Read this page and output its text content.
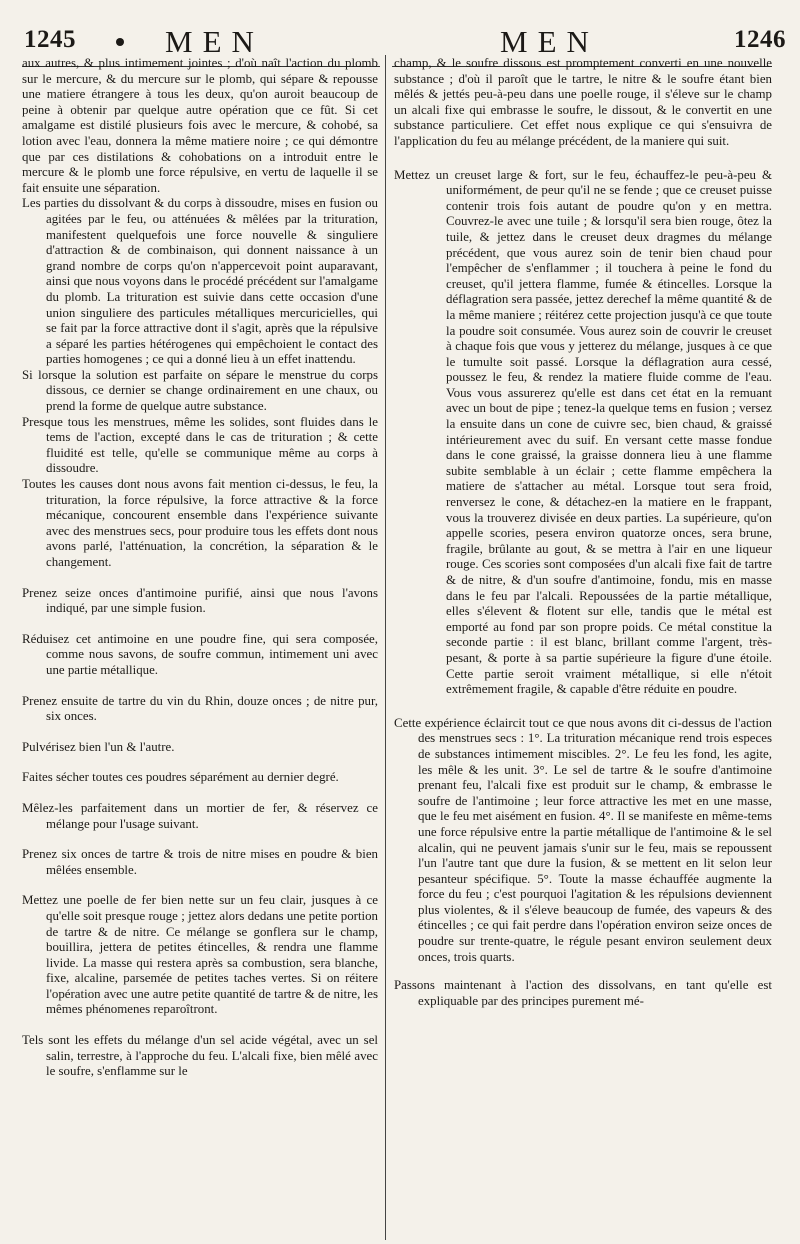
1245	MEN	MEN	1246

aux autres, & plus intimement jointes ; d'où naît l'action du plomb sur le mercure, & du mercure sur le plomb, qui sépare & repousse une matiere étrangere à tous les deux, qu'on auroit beaucoup de peine à obtenir par quelque autre opération que ce fût. Si cet amalgame est distilé plusieurs fois avec le mercure, & cohobé, sa lotion avec l'eau, donnera la même matiere noire ; ce qui démontre que par ces distilations & cohobations on a introduit entre le mercure & le plomb une force répulsive, en vertu de laquelle il se fait ensuite une séparation.

Les parties du dissolvant & du corps à dissoudre, mises en fusion ou agitées par le feu, ou atténuées & mêlées par la trituration, manifestent quelquefois une force nouvelle & singuliere d'attraction & de combinaison, qui donnent naissance à un grand nombre de corps qu'on n'appercevoit point auparavant, ainsi que nous voyons dans le procédé précédent sur l'amalgame du plomb. La trituration est suivie dans cette occasion d'une union singuliere des particules métalliques mercuricielles, qui se fait par la force attractive dont il s'agit, après que la répulsive a séparé les parties hétérogenes qui empêchoient le contact des parties homogenes ; ce qui a donné lieu à un effet inattendu.

Si lorsque la solution est parfaite on sépare le menstrue du corps dissous, ce dernier se change ordinairement en une chaux, ou prend la forme de quelque autre substance.

Presque tous les menstrues, même les solides, sont fluides dans le tems de l'action, excepté dans le cas de trituration ; & cette fluidité est telle, qu'elle se communique même au corps à dissoudre.

Toutes les causes dont nous avons fait mention ci-dessus, le feu, la trituration, la force répulsive, la force attractive & la force mécanique, concourent ensemble dans l'expérience suivante avec des menstrues secs, pour produire tous les effets dont nous avons parlé, l'atténuation, la concrétion, la séparation & le changement.

Prenez seize onces d'antimoine purifié, ainsi que nous l'avons indiqué, par une simple fusion.

Réduisez cet antimoine en une poudre fine, qui sera composée, comme nous savons, de soufre commun, intimement uni avec une partie métallique.

Prenez ensuite de tartre du vin du Rhin, douze onces ; de nitre pur, six onces.

Pulvérisez bien l'un & l'autre.

Faites sécher toutes ces poudres séparément au dernier degré.

Mêlez-les parfaitement dans un mortier de fer, & réservez ce mélange pour l'usage suivant.

Prenez six onces de tartre & trois de nitre mises en poudre & bien mêlées ensemble.

Mettez une poelle de fer bien nette sur un feu clair, jusques à ce qu'elle soit presque rouge ; jettez alors dedans une petite portion de tartre & de nitre. Ce mélange se gonflera sur le champ, bouillira, jettera de petites étincelles, & rendra une flamme livide. La masse qui restera après sa combustion, sera blanche, fixe, alcaline, parsemée de petites taches vertes. Si on réitere l'opération avec une autre petite quantité de tartre & de nitre, les mêmes phénomenes reparoîtront.

Tels sont les effets du mélange d'un sel acide végétal, avec un sel salin, terrestre, à l'approche du feu. L'alcali fixe, bien mêlé avec le soufre, s'enflamme sur le

champ, & le soufre dissous est promptement converti en une nouvelle substance ; d'où il paroît que le tartre, le nitre & le soufre étant bien mêlés & jettés peu-à-peu dans une poelle rouge, il s'éleve sur le champ un alcali fixe qui embrasse le soufre, le dissout, & le convertit en une substance particuliere. Cet effet nous explique ce qui s'ensuivra de l'application du feu au mélange précédent, de la maniere qui suit.

Mettez un creuset large & fort, sur le feu, échauffez-le peu-à-peu & uniformément, de peur qu'il ne se fende ; que ce creuset puisse contenir trois fois autant de poudre qu'on y en mettra. Couvrez-le avec une tuile ; & lorsqu'il sera bien rouge, ôtez la tuile, & jettez dans le creuset deux dragmes du mélange précédent, que vous aurez soin de tenir bien chaud pour l'empêcher de s'enflammer ; il touchera à peine le fond du creuset, qu'il jettera flamme, fumée & étincelles. Lorsque la déflagration sera passée, jettez derechef la même quantité & de la même maniere ; réitérez cette projection jusqu'à ce que toute la poudre soit consumée. Vous aurez soin de couvrir le creuset à chaque fois que vous y jetterez du mélange, jusques à ce que le tumulte soit passé. Lorsque la déflagration aura cessé, poussez le feu, & rendez la matiere fluide comme de l'eau. Vous vous assurerez qu'elle est dans cet état en la remuant avec un bout de pipe ; tenez-la quelque tems en fusion ; versez la ensuite dans un cone de cuivre sec, bien chaud, & graissé intérieurement avec du suif. En versant cette masse fondue dans le cone graissé, la graisse donnera lieu à une flamme subite semblable à un éclair ; cette flamme empêchera la matiere de s'attacher au métal. Lorsque tout sera froid, renversez le cone, & détachez-en la matiere en le frappant, vous la trouverez divisée en deux parties. La supérieure, qu'on appelle scories, pesera environ quatorze onces, sera brune, fragile, brûlante au gout, & se mettra à l'air en une liqueur rouge. Ces scories sont composées d'un alcali fixe fait de tartre & de nitre, & d'un soufre d'antimoine, fondu, mis en masse dans le feu par l'alcali. Repoussées de la partie métallique, elles s'élevent & flotent sur elle, tandis que le métal est emporté au fond par son propre poids. Ce métal constitue la seconde partie : il est blanc, brillant comme l'argent, très-pesant, & porte à sa partie supérieure la figure d'une étoile. Cette partie seroit vraiment métallique, si elle n'étoit extrêmement fragile, & capable d'être réduite en poudre.

Cette expérience éclaircit tout ce que nous avons dit ci-dessus de l'action des menstrues secs : 1°. La trituration mécanique rend trois especes de substances intimement miscibles. 2°. Le feu les fond, les agite, les mêle & les unit. 3°. Le sel de tartre & le soufre d'antimoine prenant feu, l'alcali fixe est produit sur le champ, & embrasse le soufre de l'antimoine ; leur force attractive les met en une masse, que le feu met aisément en fusion. 4°. Il se manifeste en même-tems une force répulsive entre la partie métallique de l'antimoine & le sel alcalin, qui ne peuvent jamais s'unir sur le feu, mais se repoussent l'un l'autre tant que dure la fusion, & se mettent en lit selon leur pesanteur spécifique. 5°. Toute la masse échauffée augmente la force du feu ; c'est pourquoi l'agitation & les répulsions deviennent plus violentes, & il s'éleve beaucoup de fumée, des vapeurs & des étincelles ; ce qui fait perdre dans l'opération environ seize onces de poudre sur trente-quatre, le régule pesant environ seulement deux onces, trois quarts.

Passons maintenant à l'action des dissolvans, en tant qu'elle est expliquable par des principes purement mé-
